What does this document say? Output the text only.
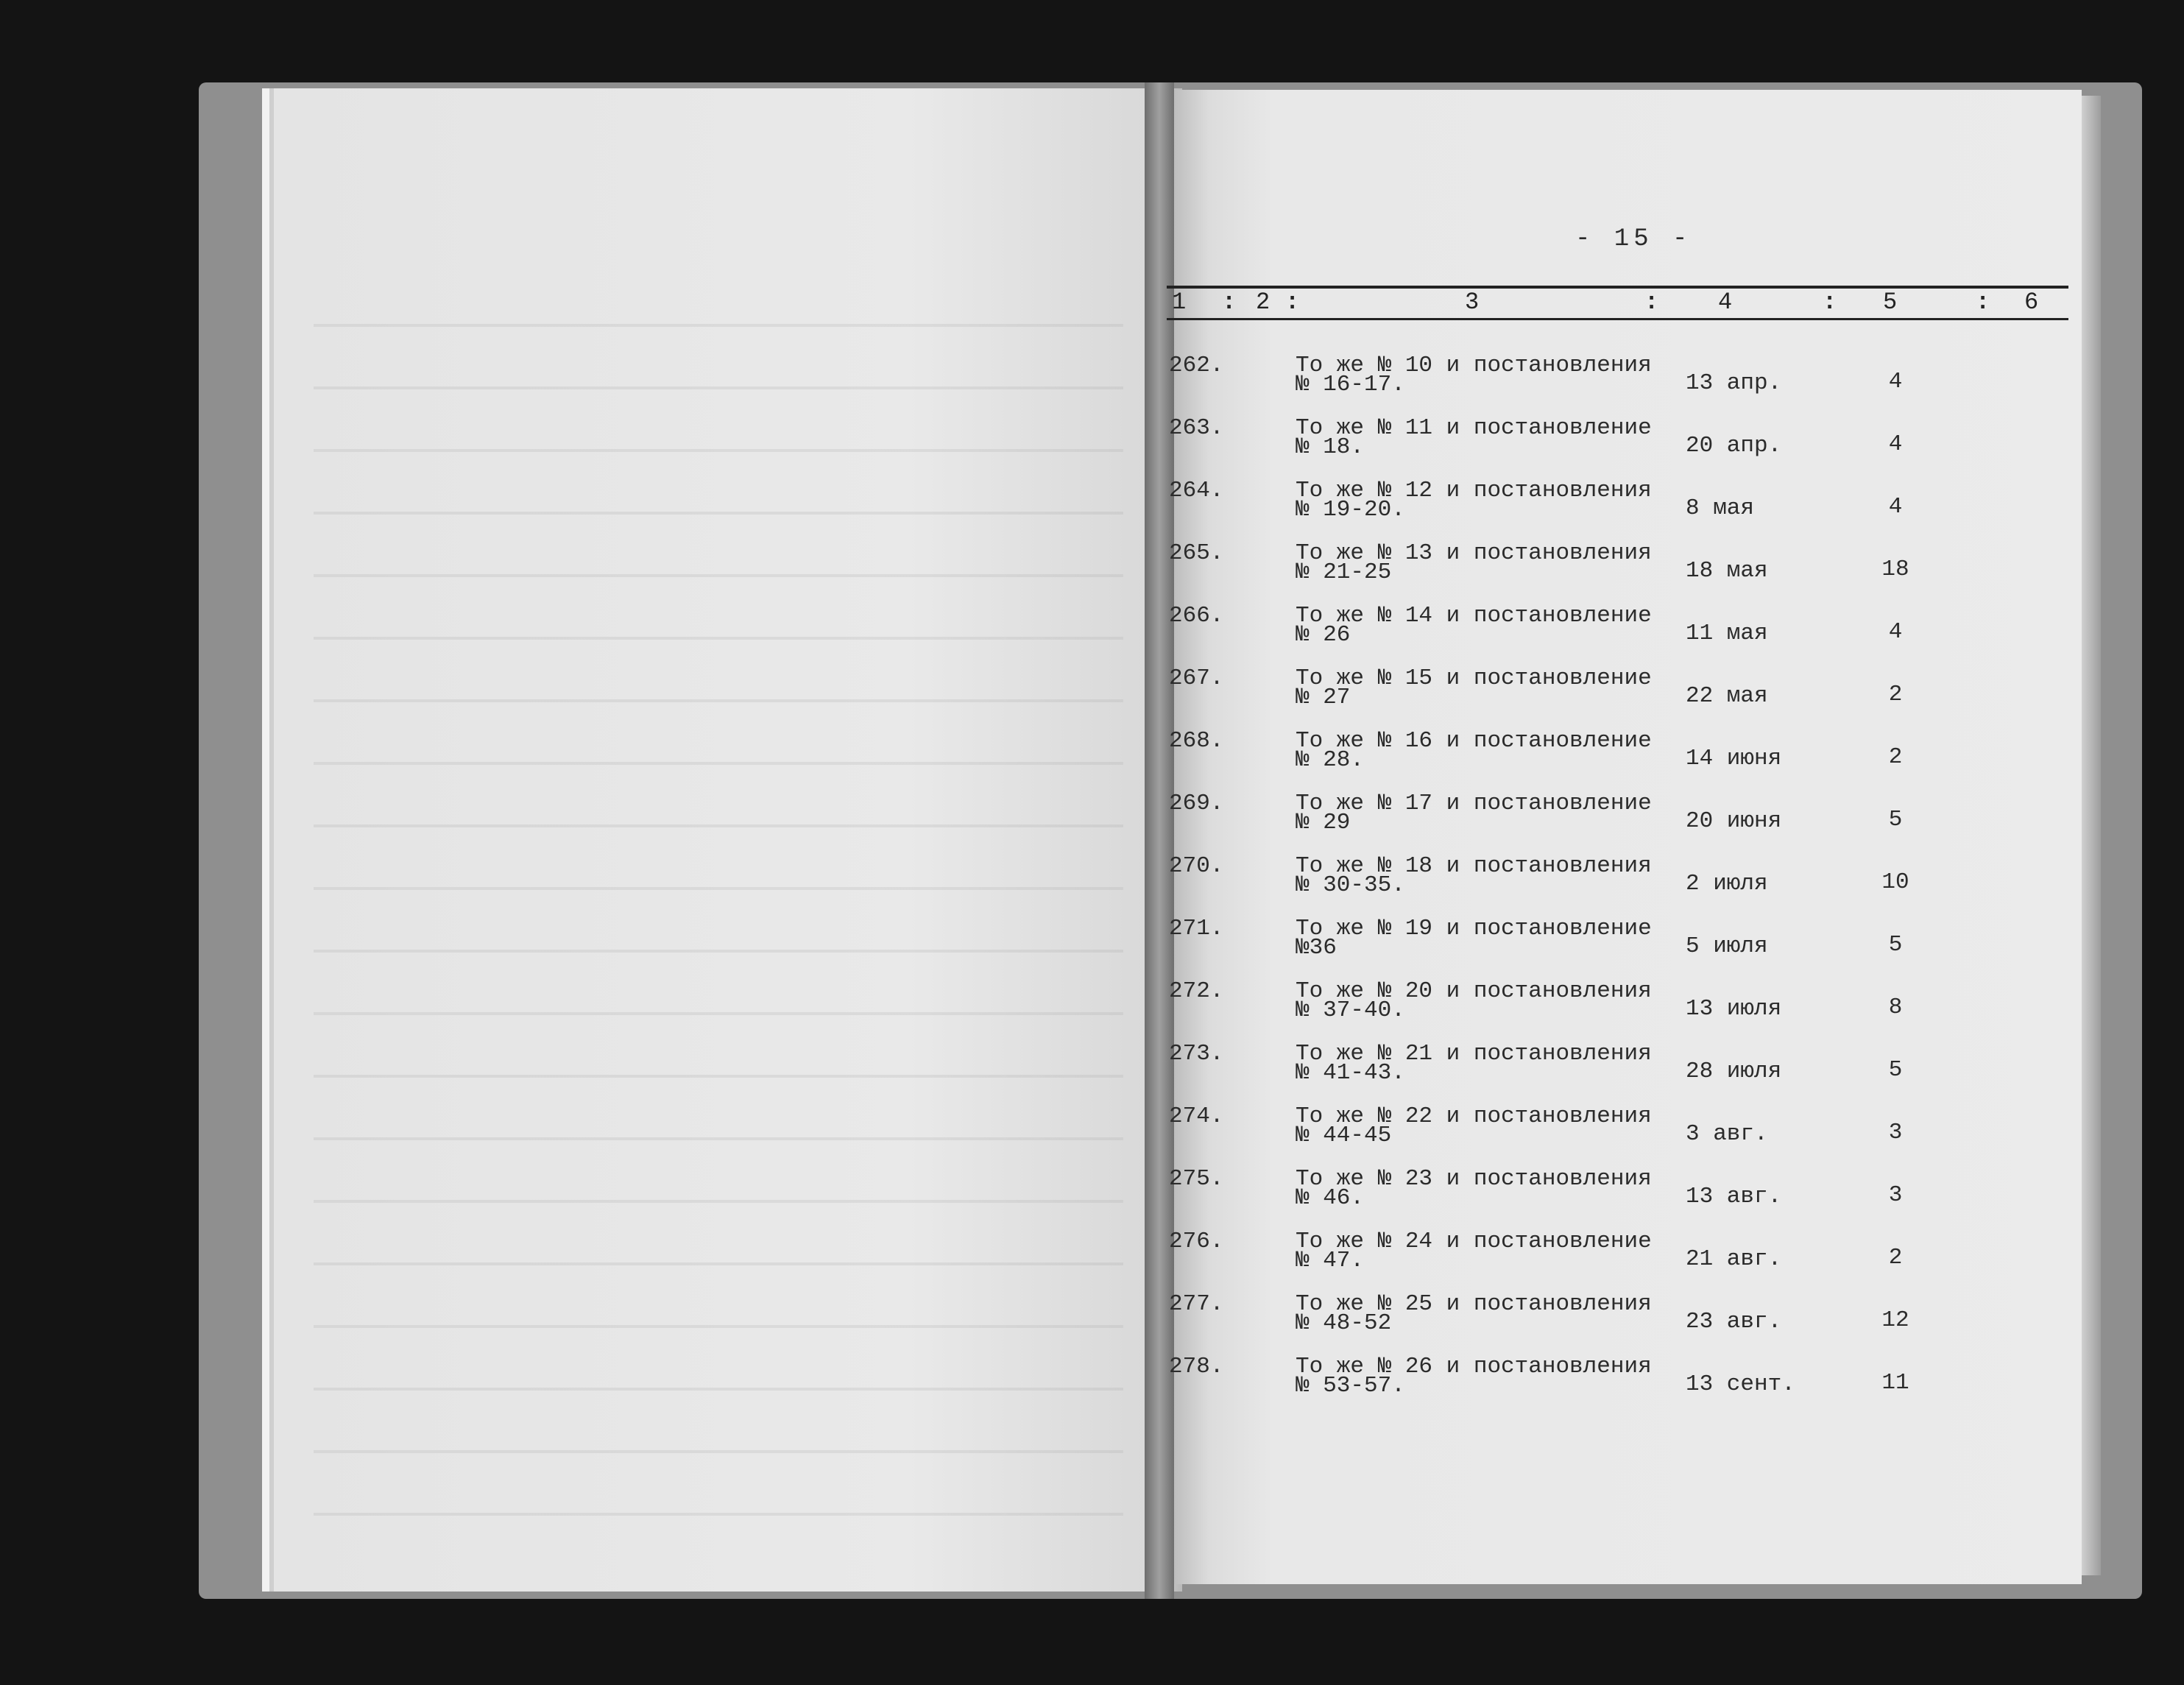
- 15 -
1 : 2 :	3	:	4	: 5	: 6
262.	То же № 10 и постановления
№ 16-17.	13 апр.	4
263.	То же № 11 и постановление
№ 18.	20 апр.	4
264.	То же № 12 и постановления
№ 19-20.	8 мая	4
265.	То же № 13 и постановления
№ 21-25	18 мая	18
266.	То же № 14 и постановление
№ 26	11 мая	4
267.	То же № 15 и постановление
№ 27	22 мая	2
268.	То же № 16 и постановление
№ 28.	14 июня	2
269.	То же № 17 и постановление
№ 29	20 июня	5
270.	То же № 18 и постановления
№ 30-35.	2 июля	10
271.	То же № 19 и постановление
№36	5 июля	5
272.	То же № 20 и постановления
№ 37-40.	13 июля	8
273.	То же № 21 и постановления
№ 41-43.	28 июля	5
274.	То же № 22 и постановления
№ 44-45	3 авг.	3
275.	То же № 23 и постановления
№ 46.	13 авг.	3
276.	То же № 24 и постановление
№ 47.	21 авг.	2
277.	То же № 25 и постановления
№ 48-52	23 авг.	12
278.	То же № 26 и постановления
№ 53-57.	13 сент.	11
